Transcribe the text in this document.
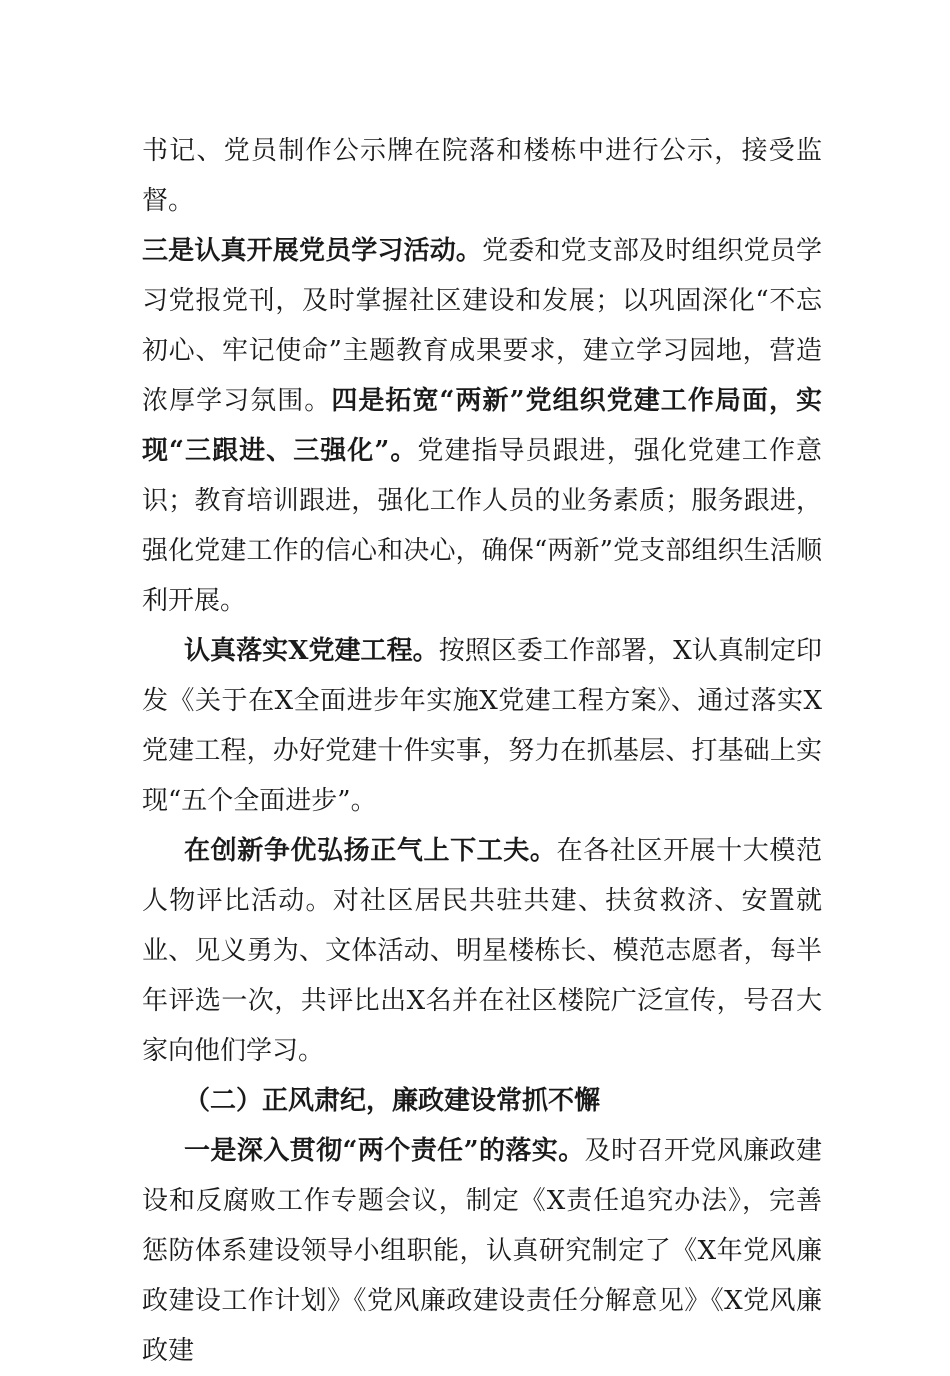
书记、党员制作公示牌在院落和楼栋中进行公示，接受监督。
三是认真开展党员学习活动。党委和党支部及时组织党员学习党报党刊，及时掌握社区建设和发展；以巩固深化“不忘初心、牢记使命”主题教育成果要求，建立学习园地，营造浓厚学习氛围。四是拓宽“两新”党组织党建工作局面，实现“三跟进、三强化”。党建指导员跟进，强化党建工作意识；教育培训跟进，强化工作人员的业务素质；服务跟进，强化党建工作的信心和决心，确保“两新”党支部组织生活顺利开展。

认真落实X党建工程。按照区委工作部署，X认真制定印发《关于在X全面进步年实施X党建工程方案》、通过落实X党建工程，办好党建十件实事，努力在抓基层、打基础上实现“五个全面进步”。

在创新争优弘扬正气上下工夫。在各社区开展十大模范人物评比活动。对社区居民共驻共建、扶贫救济、安置就业、见义勇为、文体活动、明星楼栋长、模范志愿者，每半年评选一次，共评比出X名并在社区楼院广泛宣传，号召大家向他们学习。

（二）正风肃纪，廉政建设常抓不懈

一是深入贯彻“两个责任”的落实。及时召开党风廉政建设和反腐败工作专题会议，制定《X责任追究办法》，完善惩防体系建设领导小组职能，认真研究制定了《X年党风廉政建设工作计划》《党风廉政建设责任分解意见》《X党风廉政建
